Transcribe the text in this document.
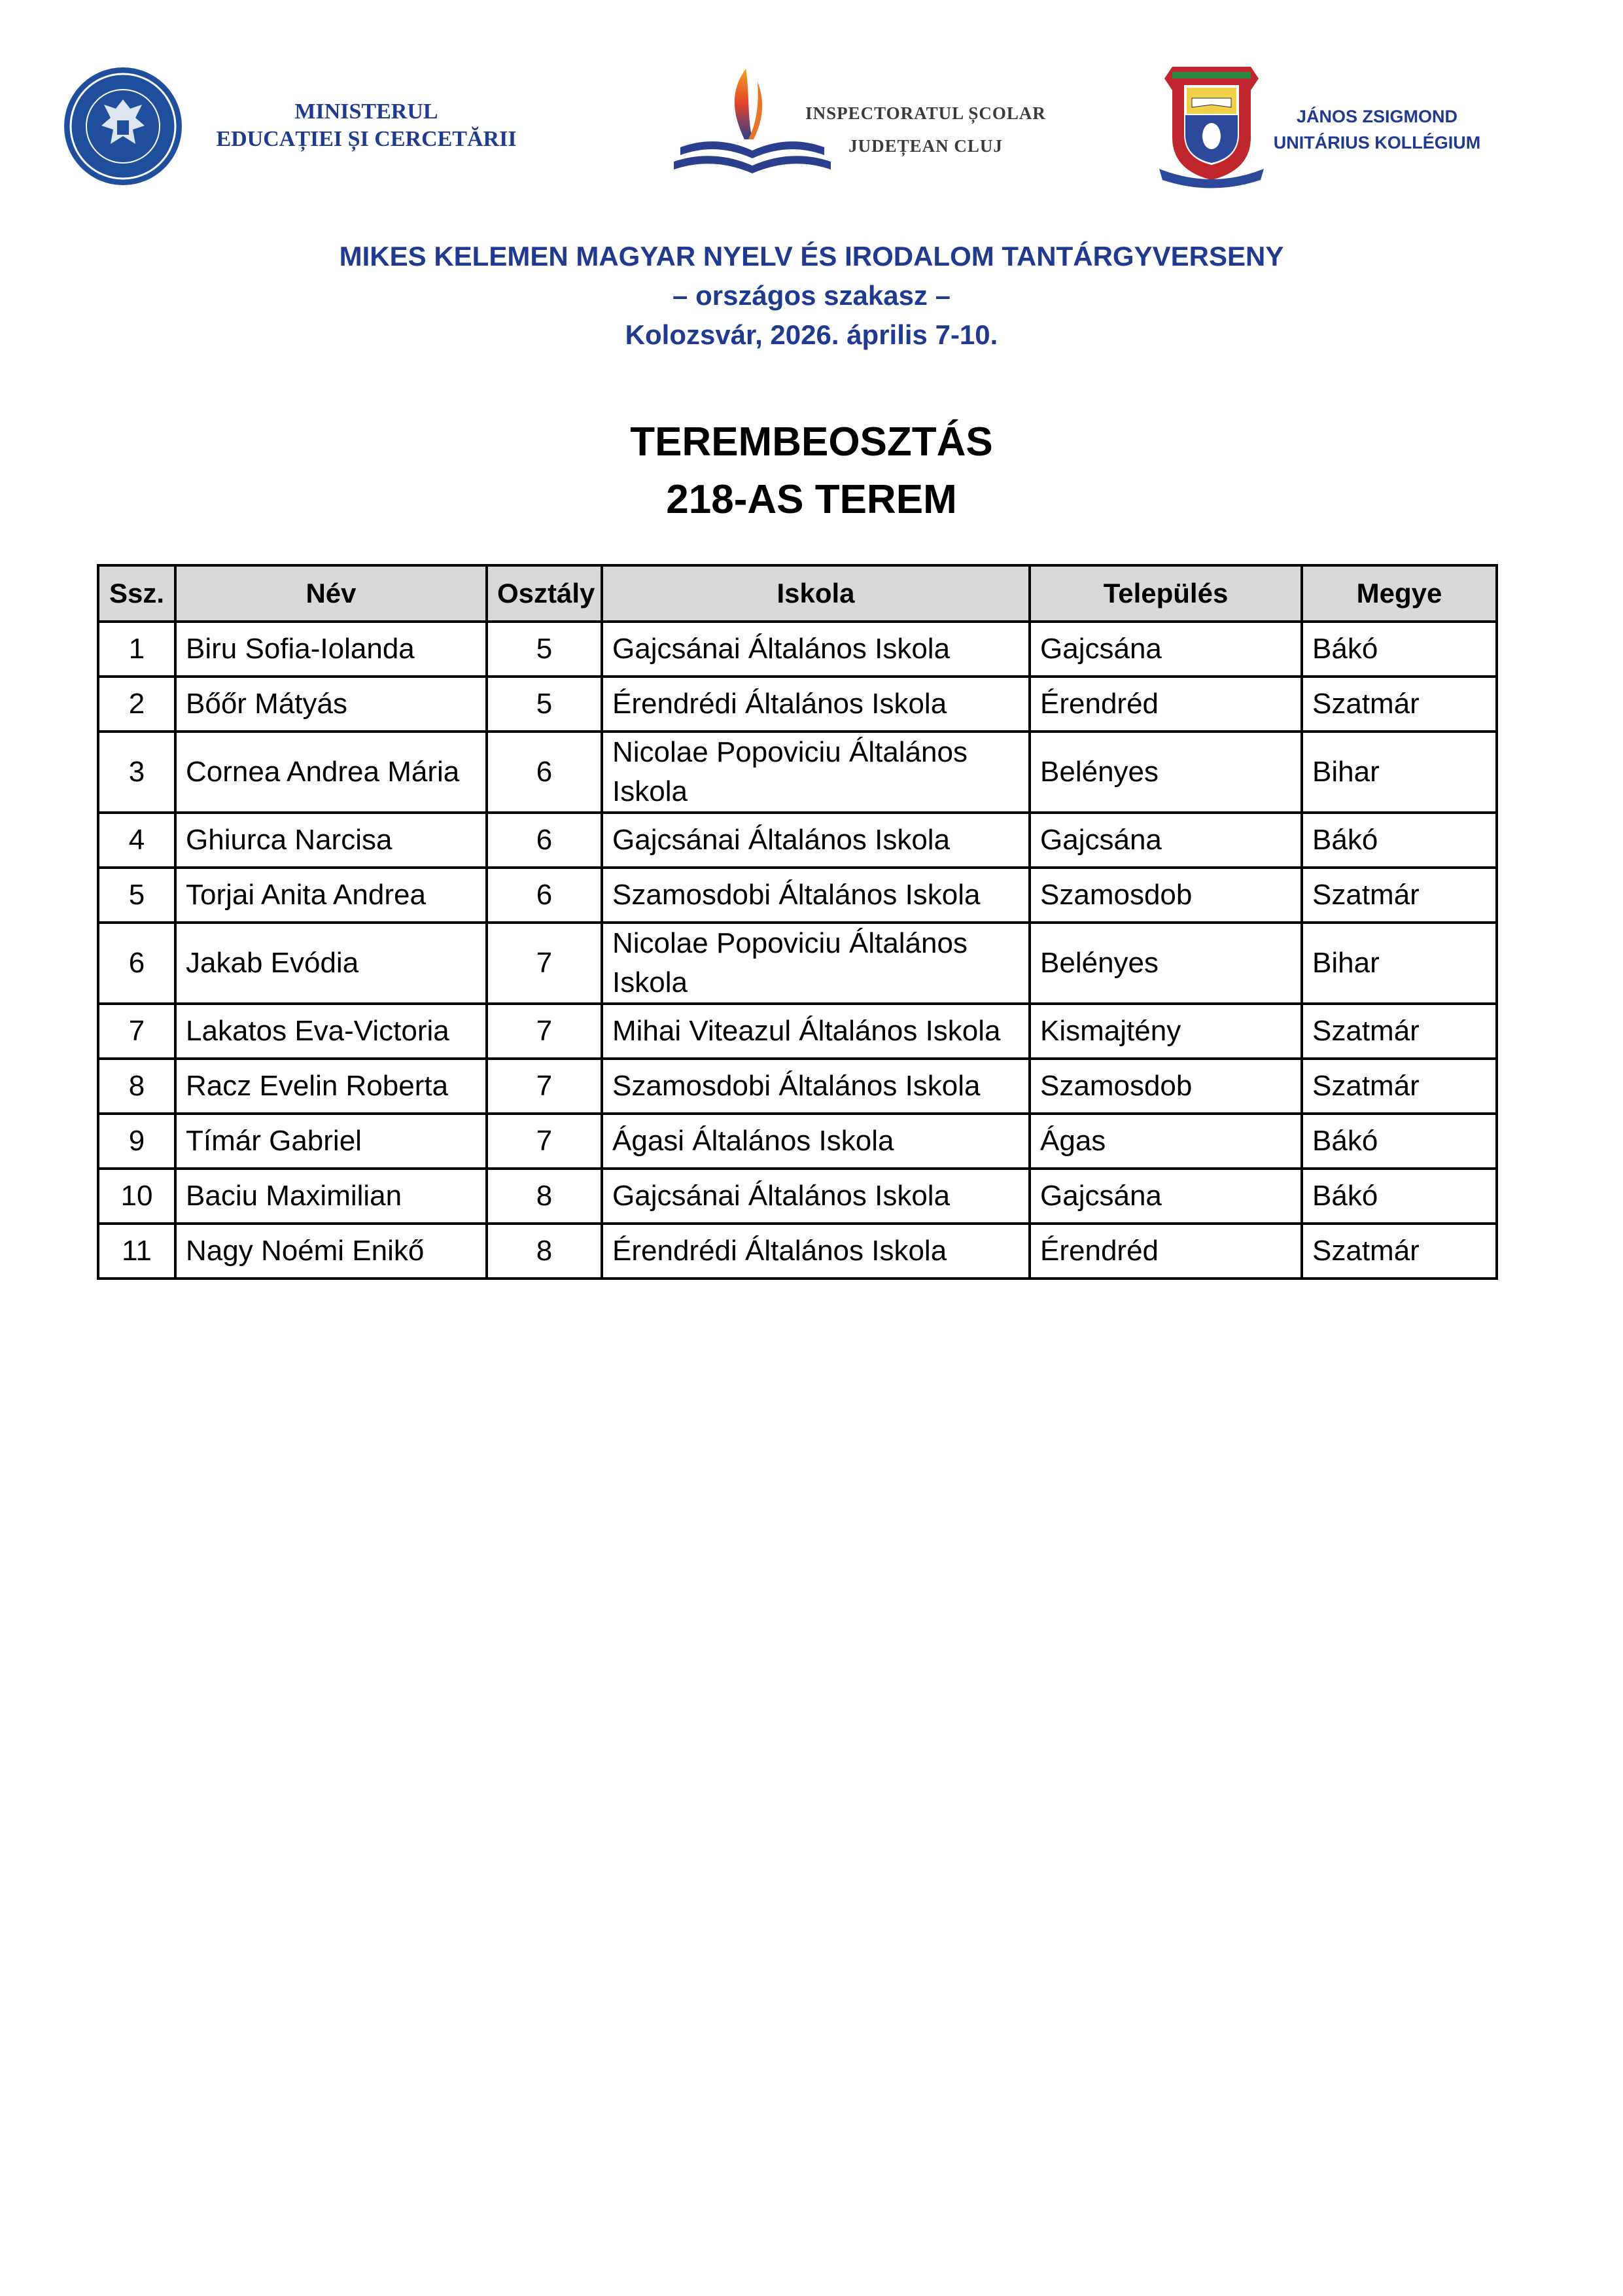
MINISTERUL
EDUCAȚIEI ȘI CERCETĂRII
INSPECTORATUL ȘCOLAR
JUDEȚEAN CLUJ
JÁNOS ZSIGMOND
UNITÁRIUS KOLLÉGIUM
MIKES KELEMEN MAGYAR NYELV ÉS IRODALOM TANTÁRGYVERSENY
– országos szakasz –
Kolozsvár, 2026. április 7-10.
TEREMBEOSZTÁS
218-AS TEREM
Ssz.	Név	Osztály	Iskola	Település	Megye
1	Biru Sofia-Iolanda	5	Gajcsánai Általános Iskola	Gajcsána	Bákó
2	Bőőr Mátyás	5	Érendrédi Általános Iskola	Érendréd	Szatmár
3	Cornea Andrea Mária	6	Nicolae Popoviciu Általános Iskola	Belényes	Bihar
4	Ghiurca Narcisa	6	Gajcsánai Általános Iskola	Gajcsána	Bákó
5	Torjai Anita Andrea	6	Szamosdobi Általános Iskola	Szamosdob	Szatmár
6	Jakab Evódia	7	Nicolae Popoviciu Általános Iskola	Belényes	Bihar
7	Lakatos Eva-Victoria	7	Mihai Viteazul Általános Iskola	Kismajtény	Szatmár
8	Racz Evelin Roberta	7	Szamosdobi Általános Iskola	Szamosdob	Szatmár
9	Tímár Gabriel	7	Ágasi Általános Iskola	Ágas	Bákó
10	Baciu Maximilian	8	Gajcsánai Általános Iskola	Gajcsána	Bákó
11	Nagy Noémi Enikő	8	Érendrédi Általános Iskola	Érendréd	Szatmár
